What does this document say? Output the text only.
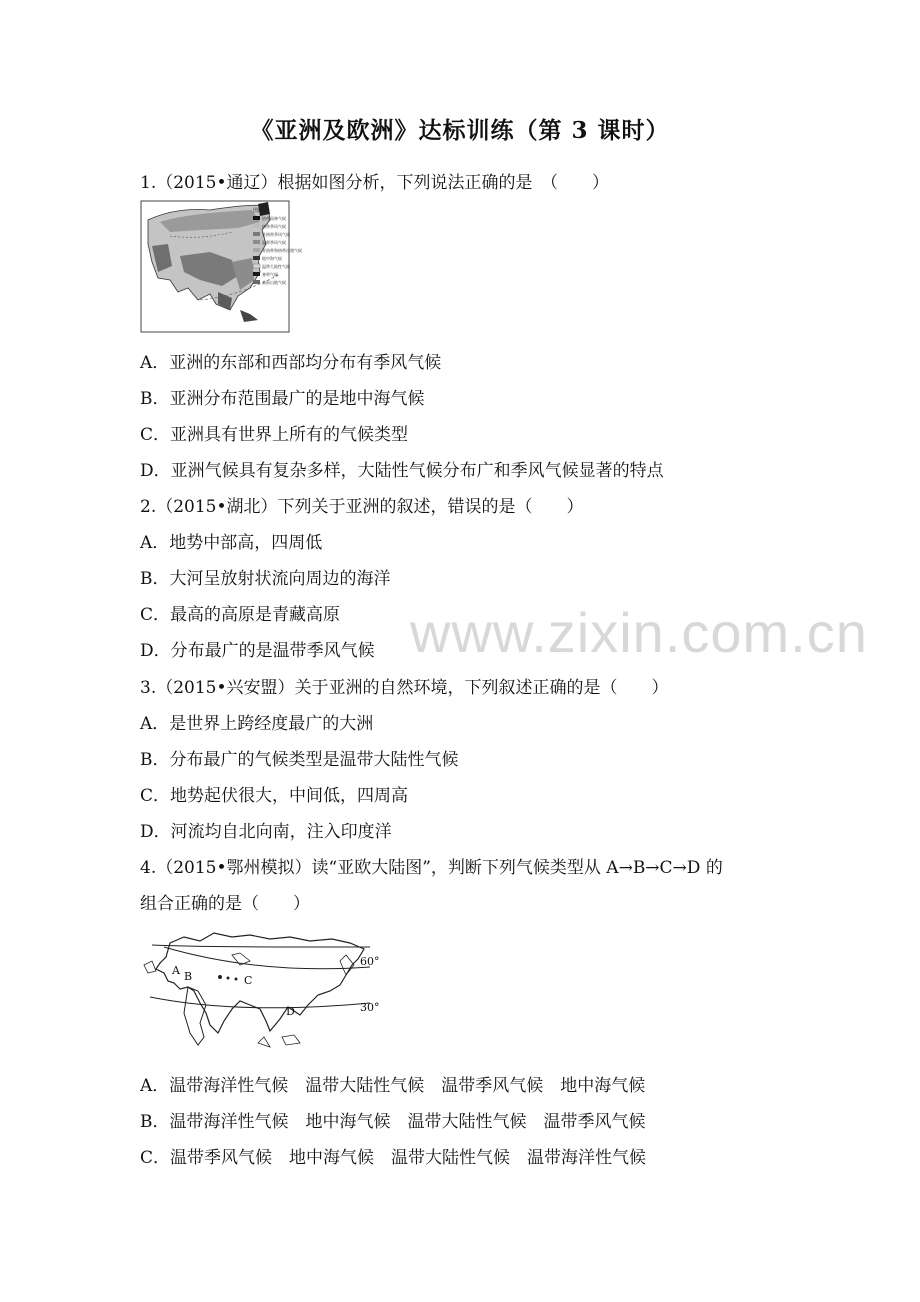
www.zixin.com.cn
《亚洲及欧洲》达标训练（第 3 课时）
1.（2015•通辽）根据如图分析，下列说法正确的是　（　　）
图例
热带雨林气候
热带季风气候
亚热带季风气候
温带季风气候
亚热带和热带沙漠气候
地中海气候
温带大陆性气候
寒带气候
高原山地气候
A．亚洲的东部和西部均分布有季风气候
B．亚洲分布范围最广的是地中海气候
C．亚洲具有世界上所有的气候类型
D．亚洲气候具有复杂多样，大陆性气候分布广和季风气候显著的特点
2.（2015•湖北）下列关于亚洲的叙述，错误的是（　　）
A．地势中部高，四周低
B．大河呈放射状流向周边的海洋
C．最高的高原是青藏高原
D．分布最广的是温带季风气候
3.（2015•兴安盟）关于亚洲的自然环境，下列叙述正确的是（　　）
A．是世界上跨经度最广的大洲
B．分布最广的气候类型是温带大陆性气候
C．地势起伏很大，中间低，四周高
D．河流均自北向南，注入印度洋
4.（2015•鄂州模拟）读“亚欧大陆图”，判断下列气候类型从 A→B→C→D 的
组合正确的是（　　）
A B	C
D
60°
30°
A．温带海洋性气候　温带大陆性气候　温带季风气候　地中海气候
B．温带海洋性气候　地中海气候　温带大陆性气候　温带季风气候
C．温带季风气候　地中海气候　温带大陆性气候　温带海洋性气候
